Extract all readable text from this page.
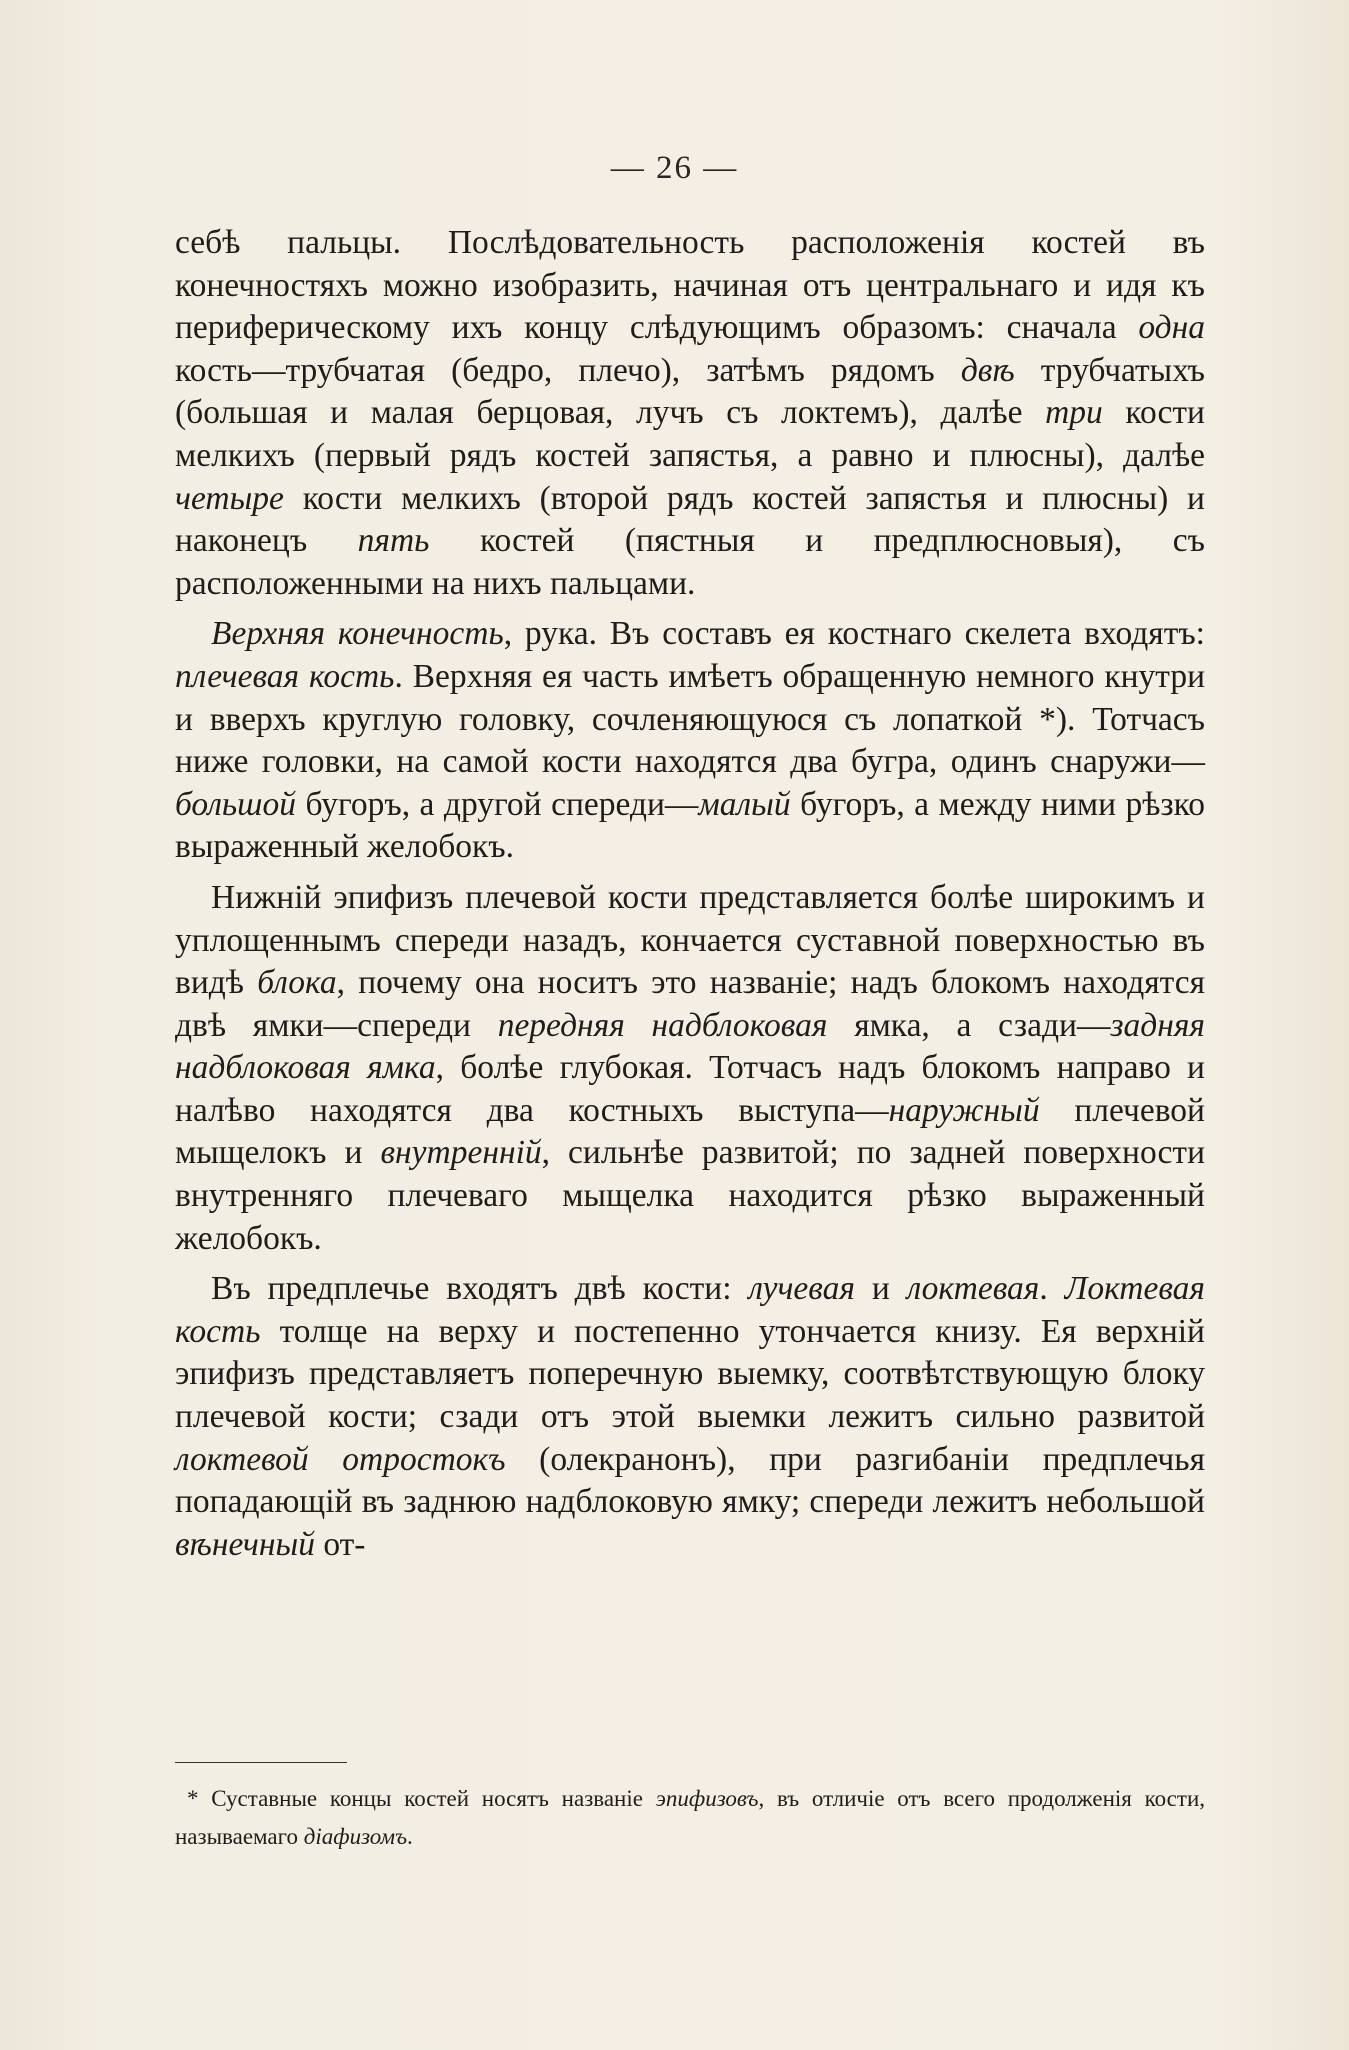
— 26 —

себѣ пальцы. Послѣдовательность расположенія костей въ конечностяхъ можно изобразить, начиная отъ центральнаго и идя къ периферическому ихъ концу слѣдующимъ образомъ: сначала одна кость—трубчатая (бедро, плечо), затѣмъ рядомъ двѣ трубчатыхъ (большая и малая берцовая, лучъ съ локтемъ), далѣе три кости мелкихъ (первый рядъ костей запястья, а равно и плюсны), далѣе четыре кости мелкихъ (второй рядъ костей запястья и плюсны) и наконецъ пять костей (пястныя и предплюсновыя), съ расположенными на нихъ пальцами.

Верхняя конечность, рука. Въ составъ ея костнаго скелета входятъ: плечевая кость. Верхняя ея часть имѣетъ обращенную немного кнутри и вверхъ круглую головку, сочленяющуюся съ лопаткой *). Тотчасъ ниже головки, на самой кости находятся два бугра, одинъ снаружи—большой бугоръ, а другой спереди—малый бугоръ, а между ними рѣзко выраженный желобокъ.

Нижній эпифизъ плечевой кости представляется болѣе широкимъ и уплощеннымъ спереди назадъ, кончается суставной поверхностью въ видѣ блока, почему она носитъ это названіе; надъ блокомъ находятся двѣ ямки—спереди передняя надблоковая ямка, а сзади—задняя надблоковая ямка, болѣе глубокая. Тотчасъ надъ блокомъ направо и налѣво находятся два костныхъ выступа—наружный плечевой мыщелокъ и внутренній, сильнѣе развитой; по задней поверхности внутренняго плечеваго мыщелка находится рѣзко выраженный желобокъ.

Въ предплечье входятъ двѣ кости: лучевая и локтевая. Локтевая кость толще на верху и постепенно утончается книзу. Ея верхній эпифизъ представляетъ поперечную выемку, соотвѣтствующую блоку плечевой кости; сзади отъ этой выемки лежитъ сильно развитой локтевой отростокъ (олекранонъ), при разгибаніи предплечья попадающій въ заднюю надблоковую ямку; спереди лежитъ небольшой вѣнечный от-

* Суставные концы костей носятъ названіе эпифизовъ, въ отличіе отъ всего продолженія кости, называемаго діафизомъ.
